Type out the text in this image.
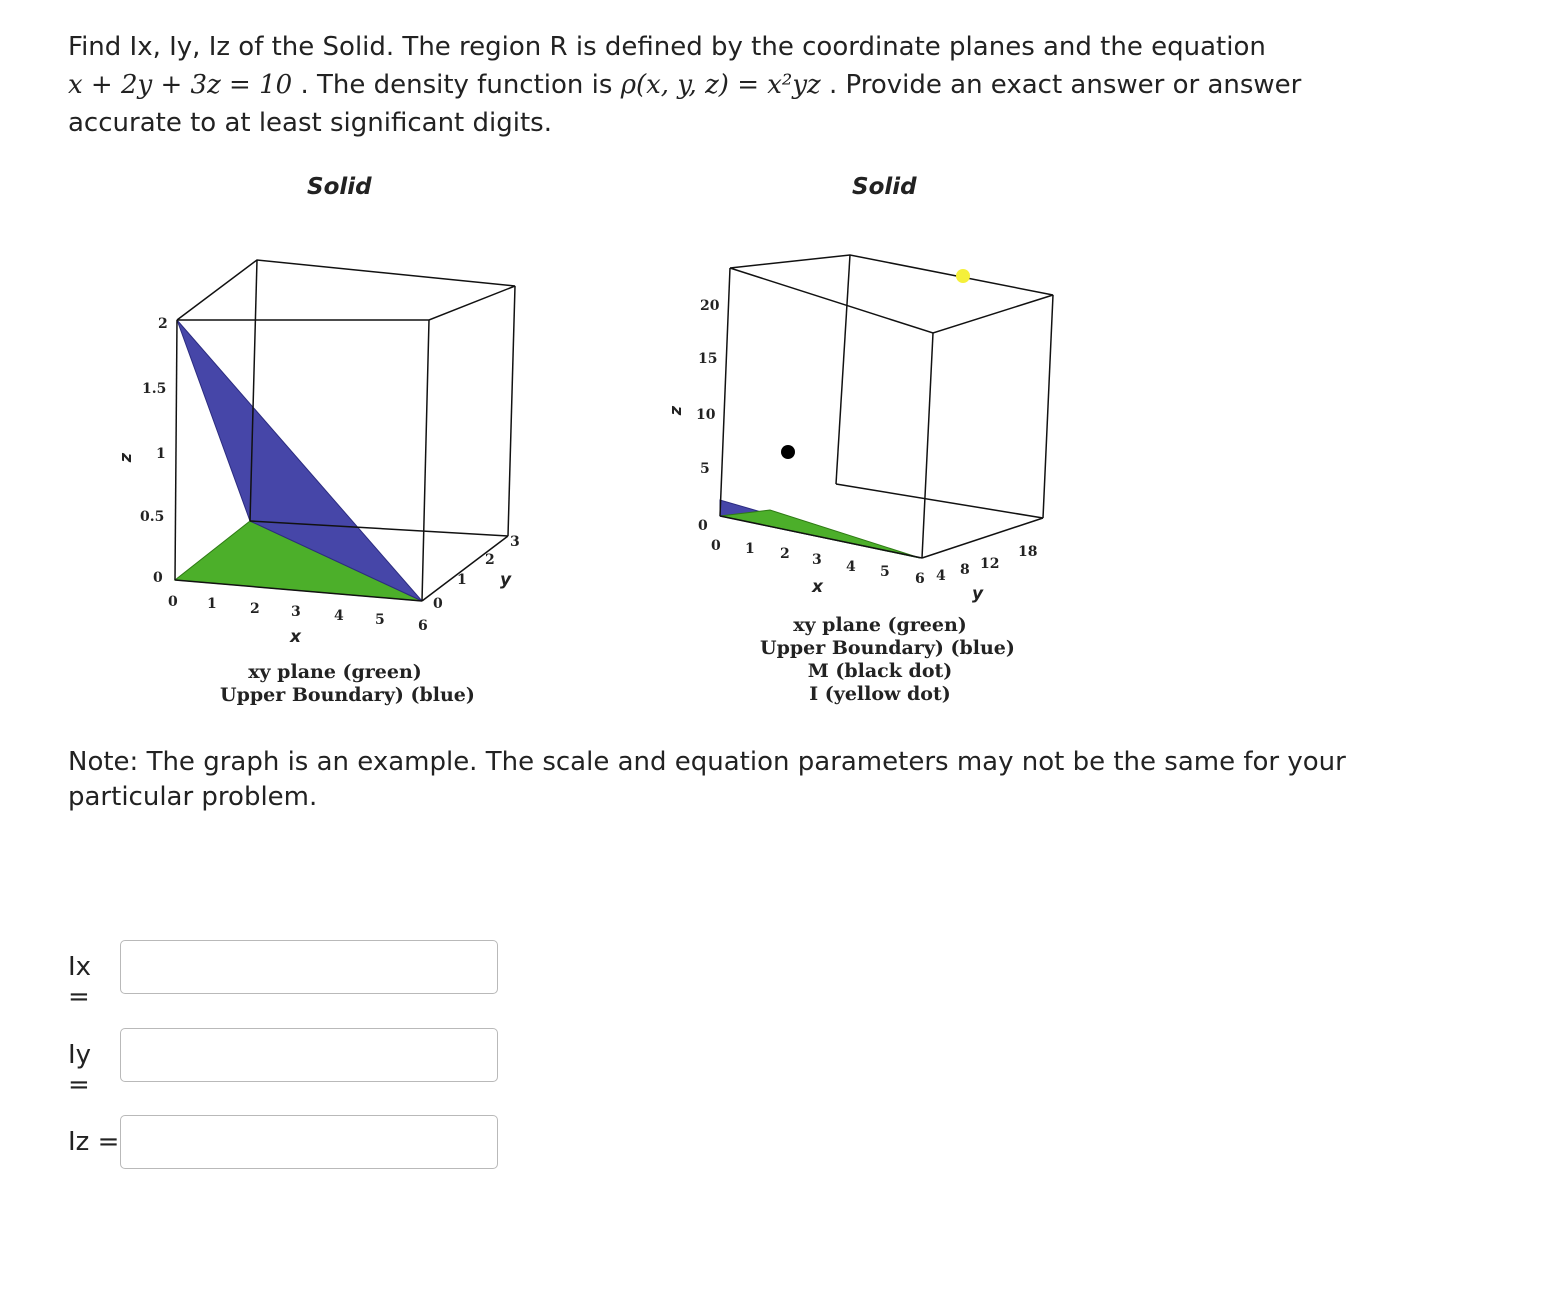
Find Ix, Iy, Iz of the Solid. The region R is defined by the coordinate planes and the equation
x + 2y + 3z = 10 . The density function is ρ(x, y, z) = x²yz . Provide an exact answer or answer accurate to at least significant digits.
Solid
2
1.5
1
0.5
0
z
0 1 2 3 4 5 6
x
0
1
2
3
y
xy plane (green)
Upper Boundary) (blue)
Solid
20
15
10
5
0
z
0 1 2 3 4 5 6
x
4 8 12
18
y
xy plane (green)
Upper Boundary) (blue)
M (black dot)
I (yellow dot)
Note: The graph is an example. The scale and equation parameters may not be the same for your particular problem.
Ix =
Iy =
Iz =
